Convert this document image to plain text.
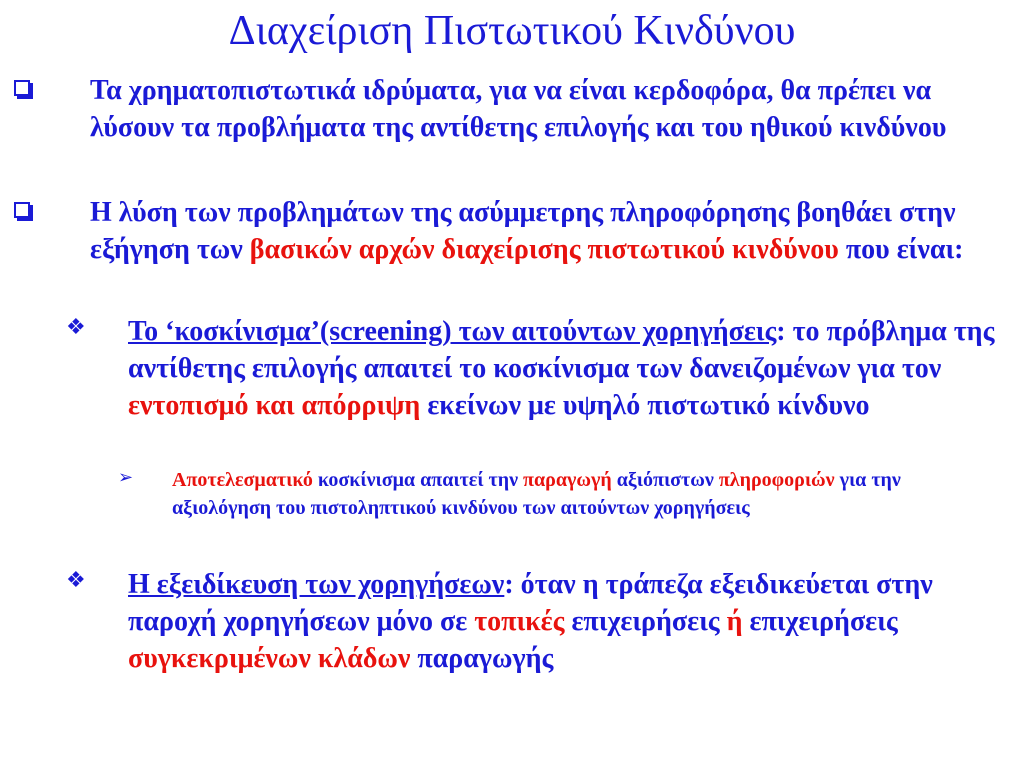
Διαχείριση Πιστωτικού Κινδύνου
Τα χρηματοπιστωτικά ιδρύματα, για να είναι κερδοφόρα, θα πρέπει να λύσουν τα προβλήματα της αντίθετης επιλογής και του ηθικού κινδύνου
Η λύση των προβλημάτων της ασύμμετρης πληροφόρησης βοηθάει στην εξήγηση των βασικών αρχών διαχείρισης πιστωτικού κινδύνου που είναι:
❖ Το ‘κοσκίνισμα’(screening) των αιτούντων χορηγήσεις: το πρόβλημα της αντίθετης επιλογής απαιτεί το κοσκίνισμα των δανειζομένων για τον εντοπισμό και απόρριψη εκείνων με υψηλό πιστωτικό κίνδυνο
➢ Αποτελεσματικό κοσκίνισμα απαιτεί την παραγωγή αξιόπιστων πληροφοριών για την αξιολόγηση του πιστοληπτικού κινδύνου των αιτούντων χορηγήσεις
❖ Η εξειδίκευση των χορηγήσεων: όταν η τράπεζα εξειδικεύεται στην παροχή χορηγήσεων μόνο σε τοπικές επιχειρήσεις ή επιχειρήσεις συγκεκριμένων κλάδων παραγωγής
